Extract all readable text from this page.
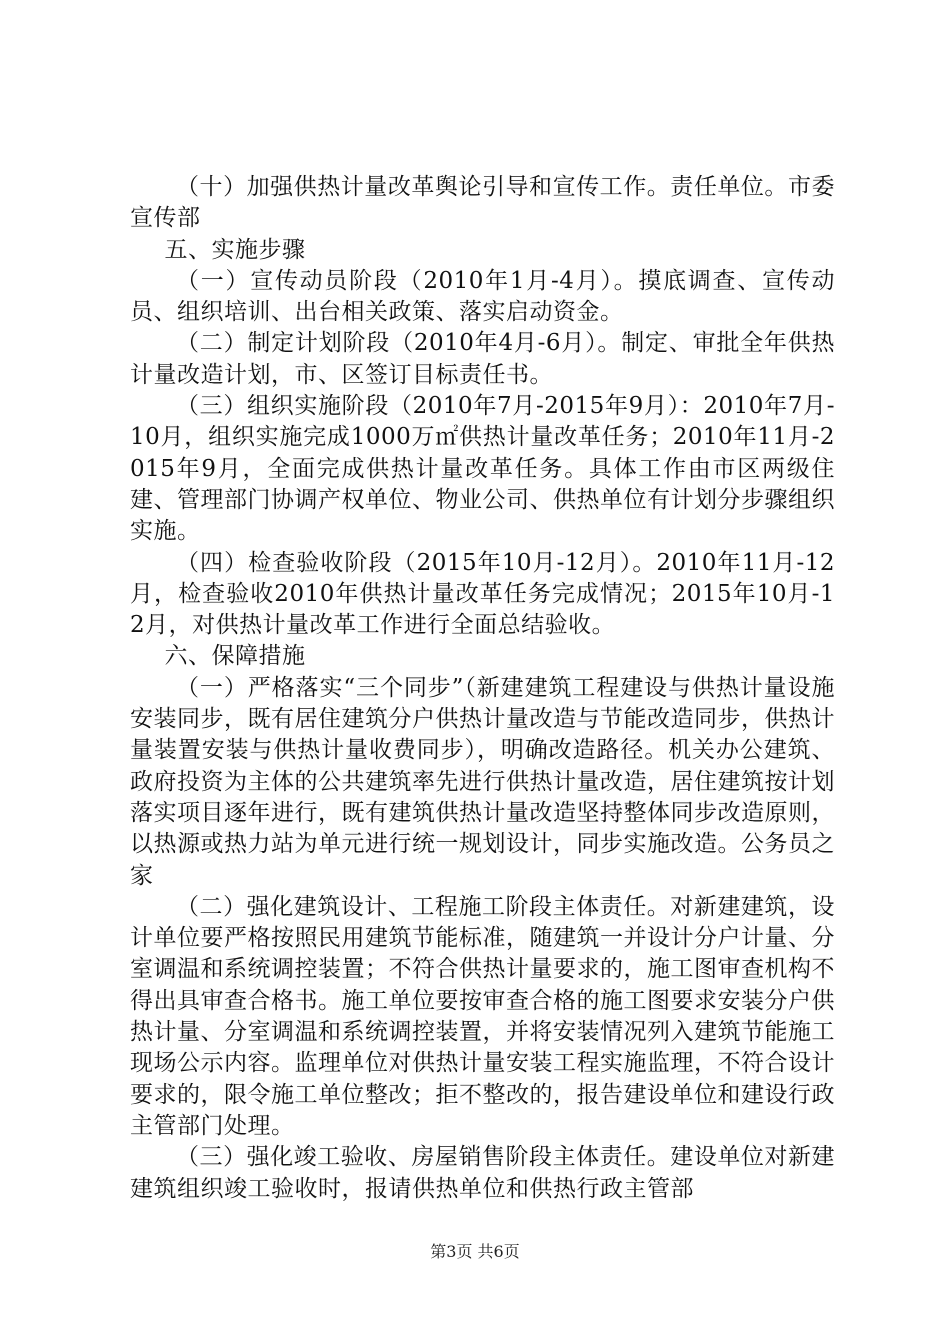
（十）加强供热计量改革舆论引导和宣传工作。责任单位。市委宣传部

五、实施步骤

（一）宣传动员阶段（2010年1月-4月）。摸底调查、宣传动员、组织培训、出台相关政策、落实启动资金。

（二）制定计划阶段（2010年4月-6月）。制定、审批全年供热计量改造计划，市、区签订目标责任书。

（三）组织实施阶段（2010年7月-2015年9月）：2010年7月-10月，组织实施完成1000万㎡供热计量改革任务；2010年11月-2015年9月，全面完成供热计量改革任务。具体工作由市区两级住建、管理部门协调产权单位、物业公司、供热单位有计划分步骤组织实施。

（四）检查验收阶段（2015年10月-12月）。2010年11月-12月，检查验收2010年供热计量改革任务完成情况；2015年10月-12月，对供热计量改革工作进行全面总结验收。

六、保障措施

（一）严格落实“三个同步”（新建建筑工程建设与供热计量设施安装同步，既有居住建筑分户供热计量改造与节能改造同步，供热计量装置安装与供热计量收费同步），明确改造路径。机关办公建筑、政府投资为主体的公共建筑率先进行供热计量改造，居住建筑按计划落实项目逐年进行，既有建筑供热计量改造坚持整体同步改造原则，以热源或热力站为单元进行统一规划设计，同步实施改造。公务员之家

（二）强化建筑设计、工程施工阶段主体责任。对新建建筑，设计单位要严格按照民用建筑节能标准，随建筑一并设计分户计量、分室调温和系统调控装置；不符合供热计量要求的，施工图审查机构不得出具审查合格书。施工单位要按审查合格的施工图要求安装分户供热计量、分室调温和系统调控装置，并将安装情况列入建筑节能施工现场公示内容。监理单位对供热计量安装工程实施监理，不符合设计要求的，限令施工单位整改；拒不整改的，报告建设单位和建设行政主管部门处理。

（三）强化竣工验收、房屋销售阶段主体责任。建设单位对新建建筑组织竣工验收时，报请供热单位和供热行政主管部

第3页 共6页
